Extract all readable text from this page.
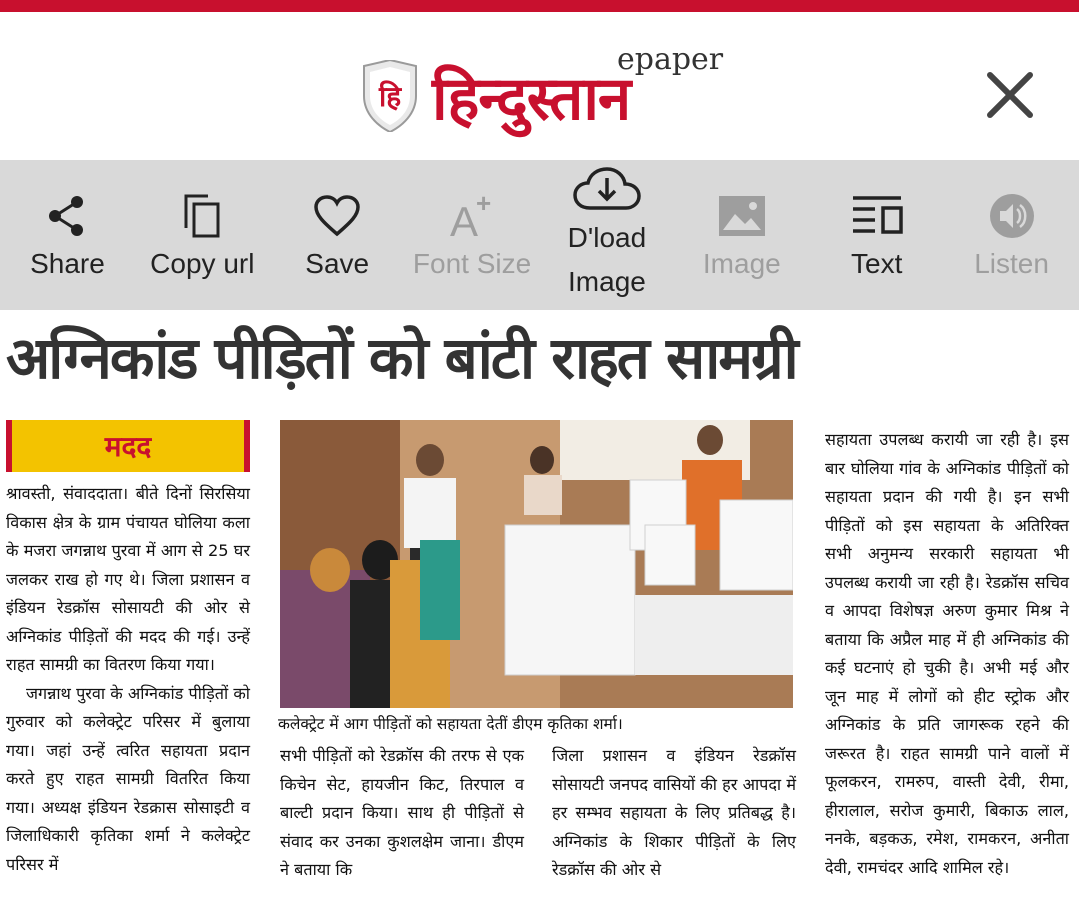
हि
epaper
हिन्दुस्तान
Share Copy url Save
A
+
Font Size
D'load Image
Image	Text	Listen
अग्निकांड पीड़ितों को बांटी राहत सामग्री
मदद

श्रावस्ती, संवाददाता। बीते दिनों सिरसिया विकास क्षेत्र के ग्राम पंचायत घोलिया कला के मजरा जगन्नाथ पुरवा में आग से 25 घर जलकर राख हो गए थे। जिला प्रशासन व इंडियन रेडक्रॉस सोसायटी की ओर से अग्निकांड पीड़ितों की मदद की गई। उन्हें राहत सामग्री का वितरण किया गया।

जगन्नाथ पुरवा के अग्निकांड पीड़ितों को गुरुवार को कलेक्ट्रेट परिसर में बुलाया गया। जहां उन्हें त्वरित सहायता प्रदान करते हुए राहत सामग्री वितरित किया गया। अध्यक्ष इंडियन रेडक्रास सोसाइटी व जिलाधिकारी कृतिका शर्मा ने कलेक्ट्रेट परिसर में

कलेक्ट्रेट में आग पीड़ितों को सहायता देतीं डीएम कृतिका शर्मा।

सभी पीड़ितों को रेडक्रॉस की तरफ से एक किचेन सेट, हायजीन किट, तिरपाल व बाल्टी प्रदान किया। साथ ही पीड़ितों से संवाद कर उनका कुशलक्षेम जाना। डीएम ने बताया कि

जिला प्रशासन व इंडियन रेडक्रॉस सोसायटी जनपद वासियों की हर आपदा में हर सम्भव सहायता के लिए प्रतिबद्ध है। अग्निकांड के शिकार पीड़ितों के लिए रेडक्रॉस की ओर से

सहायता उपलब्ध करायी जा रही है। इस बार घोलिया गांव के अग्निकांड पीड़ितों को सहायता प्रदान की गयी है। इन सभी पीड़ितों को इस सहायता के अतिरिक्त सभी अनुमन्य सरकारी सहायता भी उपलब्ध करायी जा रही है। रेडक्रॉस सचिव व आपदा विशेषज्ञ अरुण कुमार मिश्र ने बताया कि अप्रैल माह में ही अग्निकांड की कई घटनाएं हो चुकी है। अभी मई और जून माह में लोगों को हीट स्ट्रोक और अग्निकांड के प्रति जागरूक रहने की जरूरत है। राहत सामग्री पाने वालों में फूलकरन, रामरुप, वास्ती देवी, रीमा, हीरालाल, सरोज कुमारी, बिकाऊ लाल, ननके, बड़कऊ, रमेश, रामकरन, अनीता देवी, रामचंदर आदि शामिल रहे।
